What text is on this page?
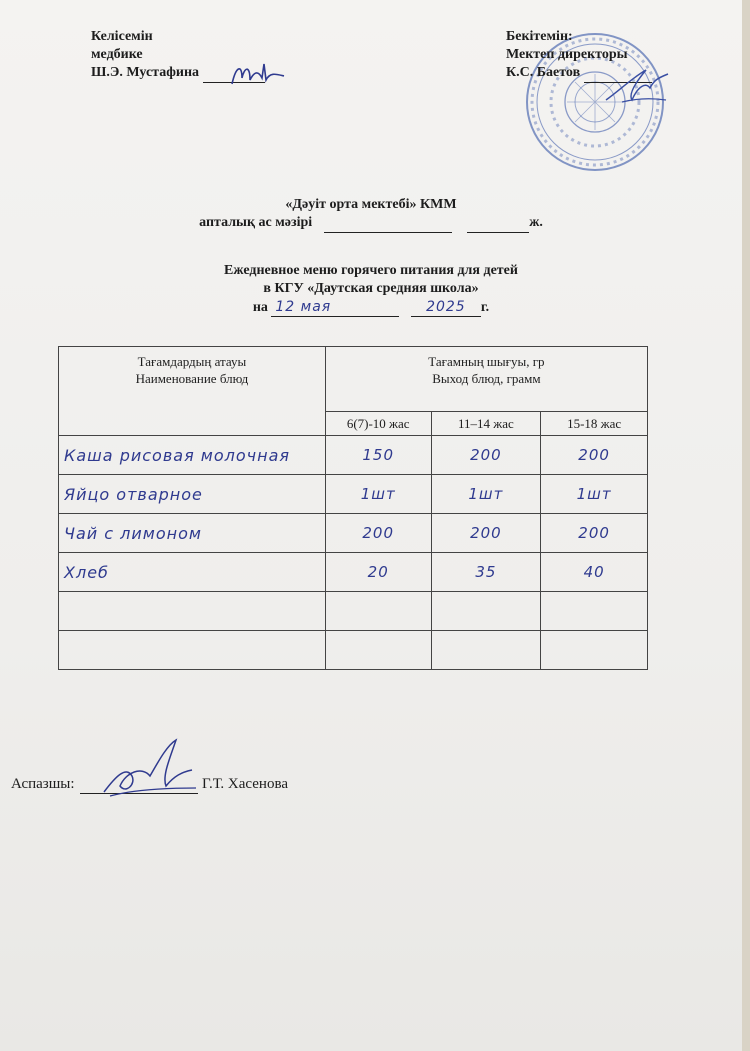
Келісемін
медбике
Ш.Э. Мустафина
Бекітемін:
Мектеп директоры
К.С. Баетов
«Дәуіт орта мектебі» КММ
апталық ас мәзірі	ж.
Ежедневное меню горячего питания для детей
в КГУ «Даутская средняя школа»
на 12 мая	2025 г.
Тағамдардың атауы
Наименование блюд	Тағамның шығуы, гр
Выход блюд, грамм		

	6(7)-10 жас	11–14 жас	15-18 жас
Каша рисовая молочная	150	200	200
Яйцо отварное	1шт	1шт	1шт
Чай с лимоном	200	200	200
Хлеб	20	35	40

Аспазшы:	Г.Т. Хасенова
